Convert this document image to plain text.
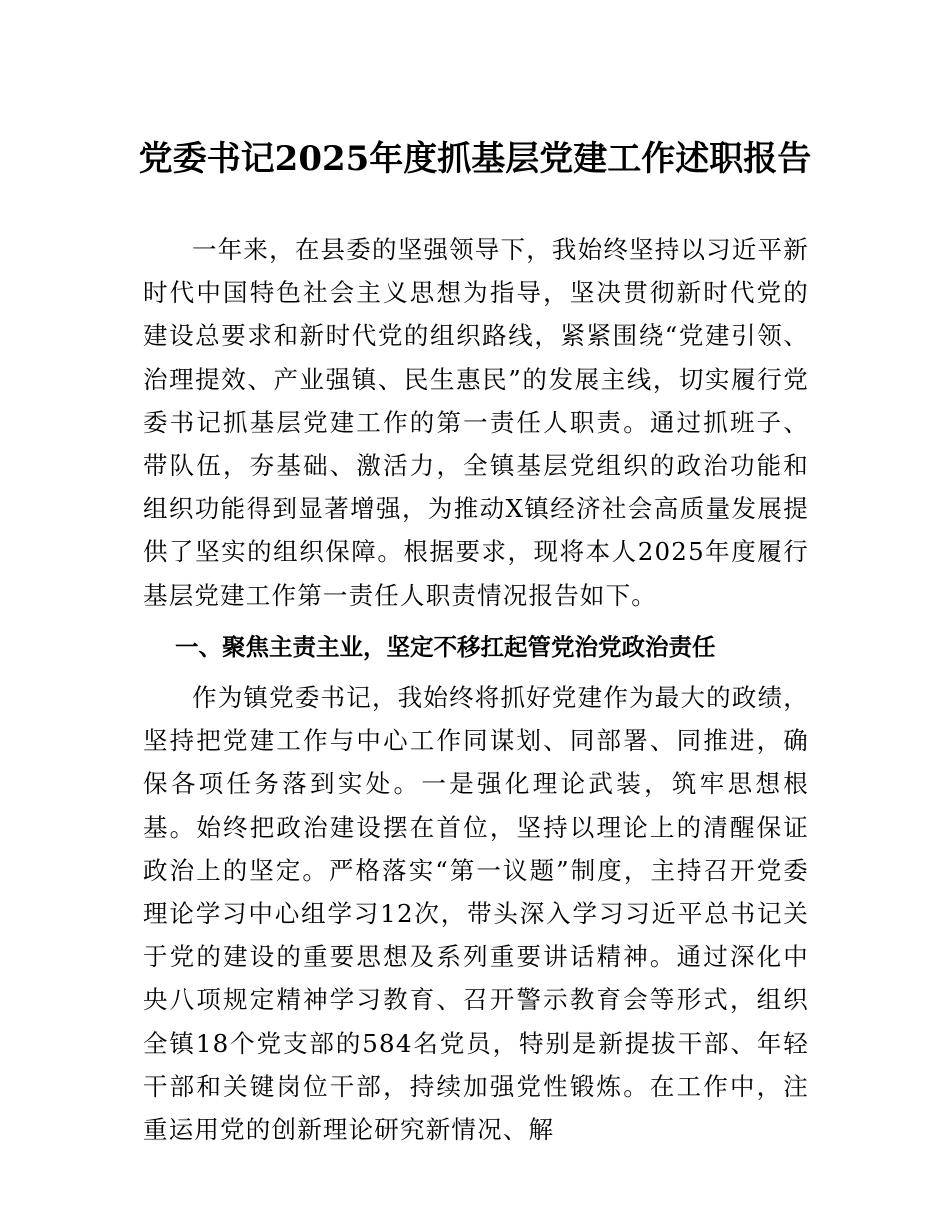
党委书记2025年度抓基层党建工作述职报告

一年来，在县委的坚强领导下，我始终坚持以习近平新时代中国特色社会主义思想为指导，坚决贯彻新时代党的建设总要求和新时代党的组织路线，紧紧围绕“党建引领、治理提效、产业强镇、民生惠民”的发展主线，切实履行党委书记抓基层党建工作的第一责任人职责。通过抓班子、带队伍，夯基础、激活力，全镇基层党组织的政治功能和组织功能得到显著增强，为推动X镇经济社会高质量发展提供了坚实的组织保障。根据要求，现将本人2025年度履行基层党建工作第一责任人职责情况报告如下。

一、聚焦主责主业，坚定不移扛起管党治党政治责任

作为镇党委书记，我始终将抓好党建作为最大的政绩，坚持把党建工作与中心工作同谋划、同部署、同推进，确保各项任务落到实处。一是强化理论武装，筑牢思想根基。始终把政治建设摆在首位，坚持以理论上的清醒保证政治上的坚定。严格落实“第一议题”制度，主持召开党委理论学习中心组学习12次，带头深入学习习近平总书记关于党的建设的重要思想及系列重要讲话精神。通过深化中央八项规定精神学习教育、召开警示教育会等形式，组织全镇18个党支部的584名党员，特别是新提拔干部、年轻干部和关键岗位干部，持续加强党性锻炼。在工作中，注重运用党的创新理论研究新情况、解
